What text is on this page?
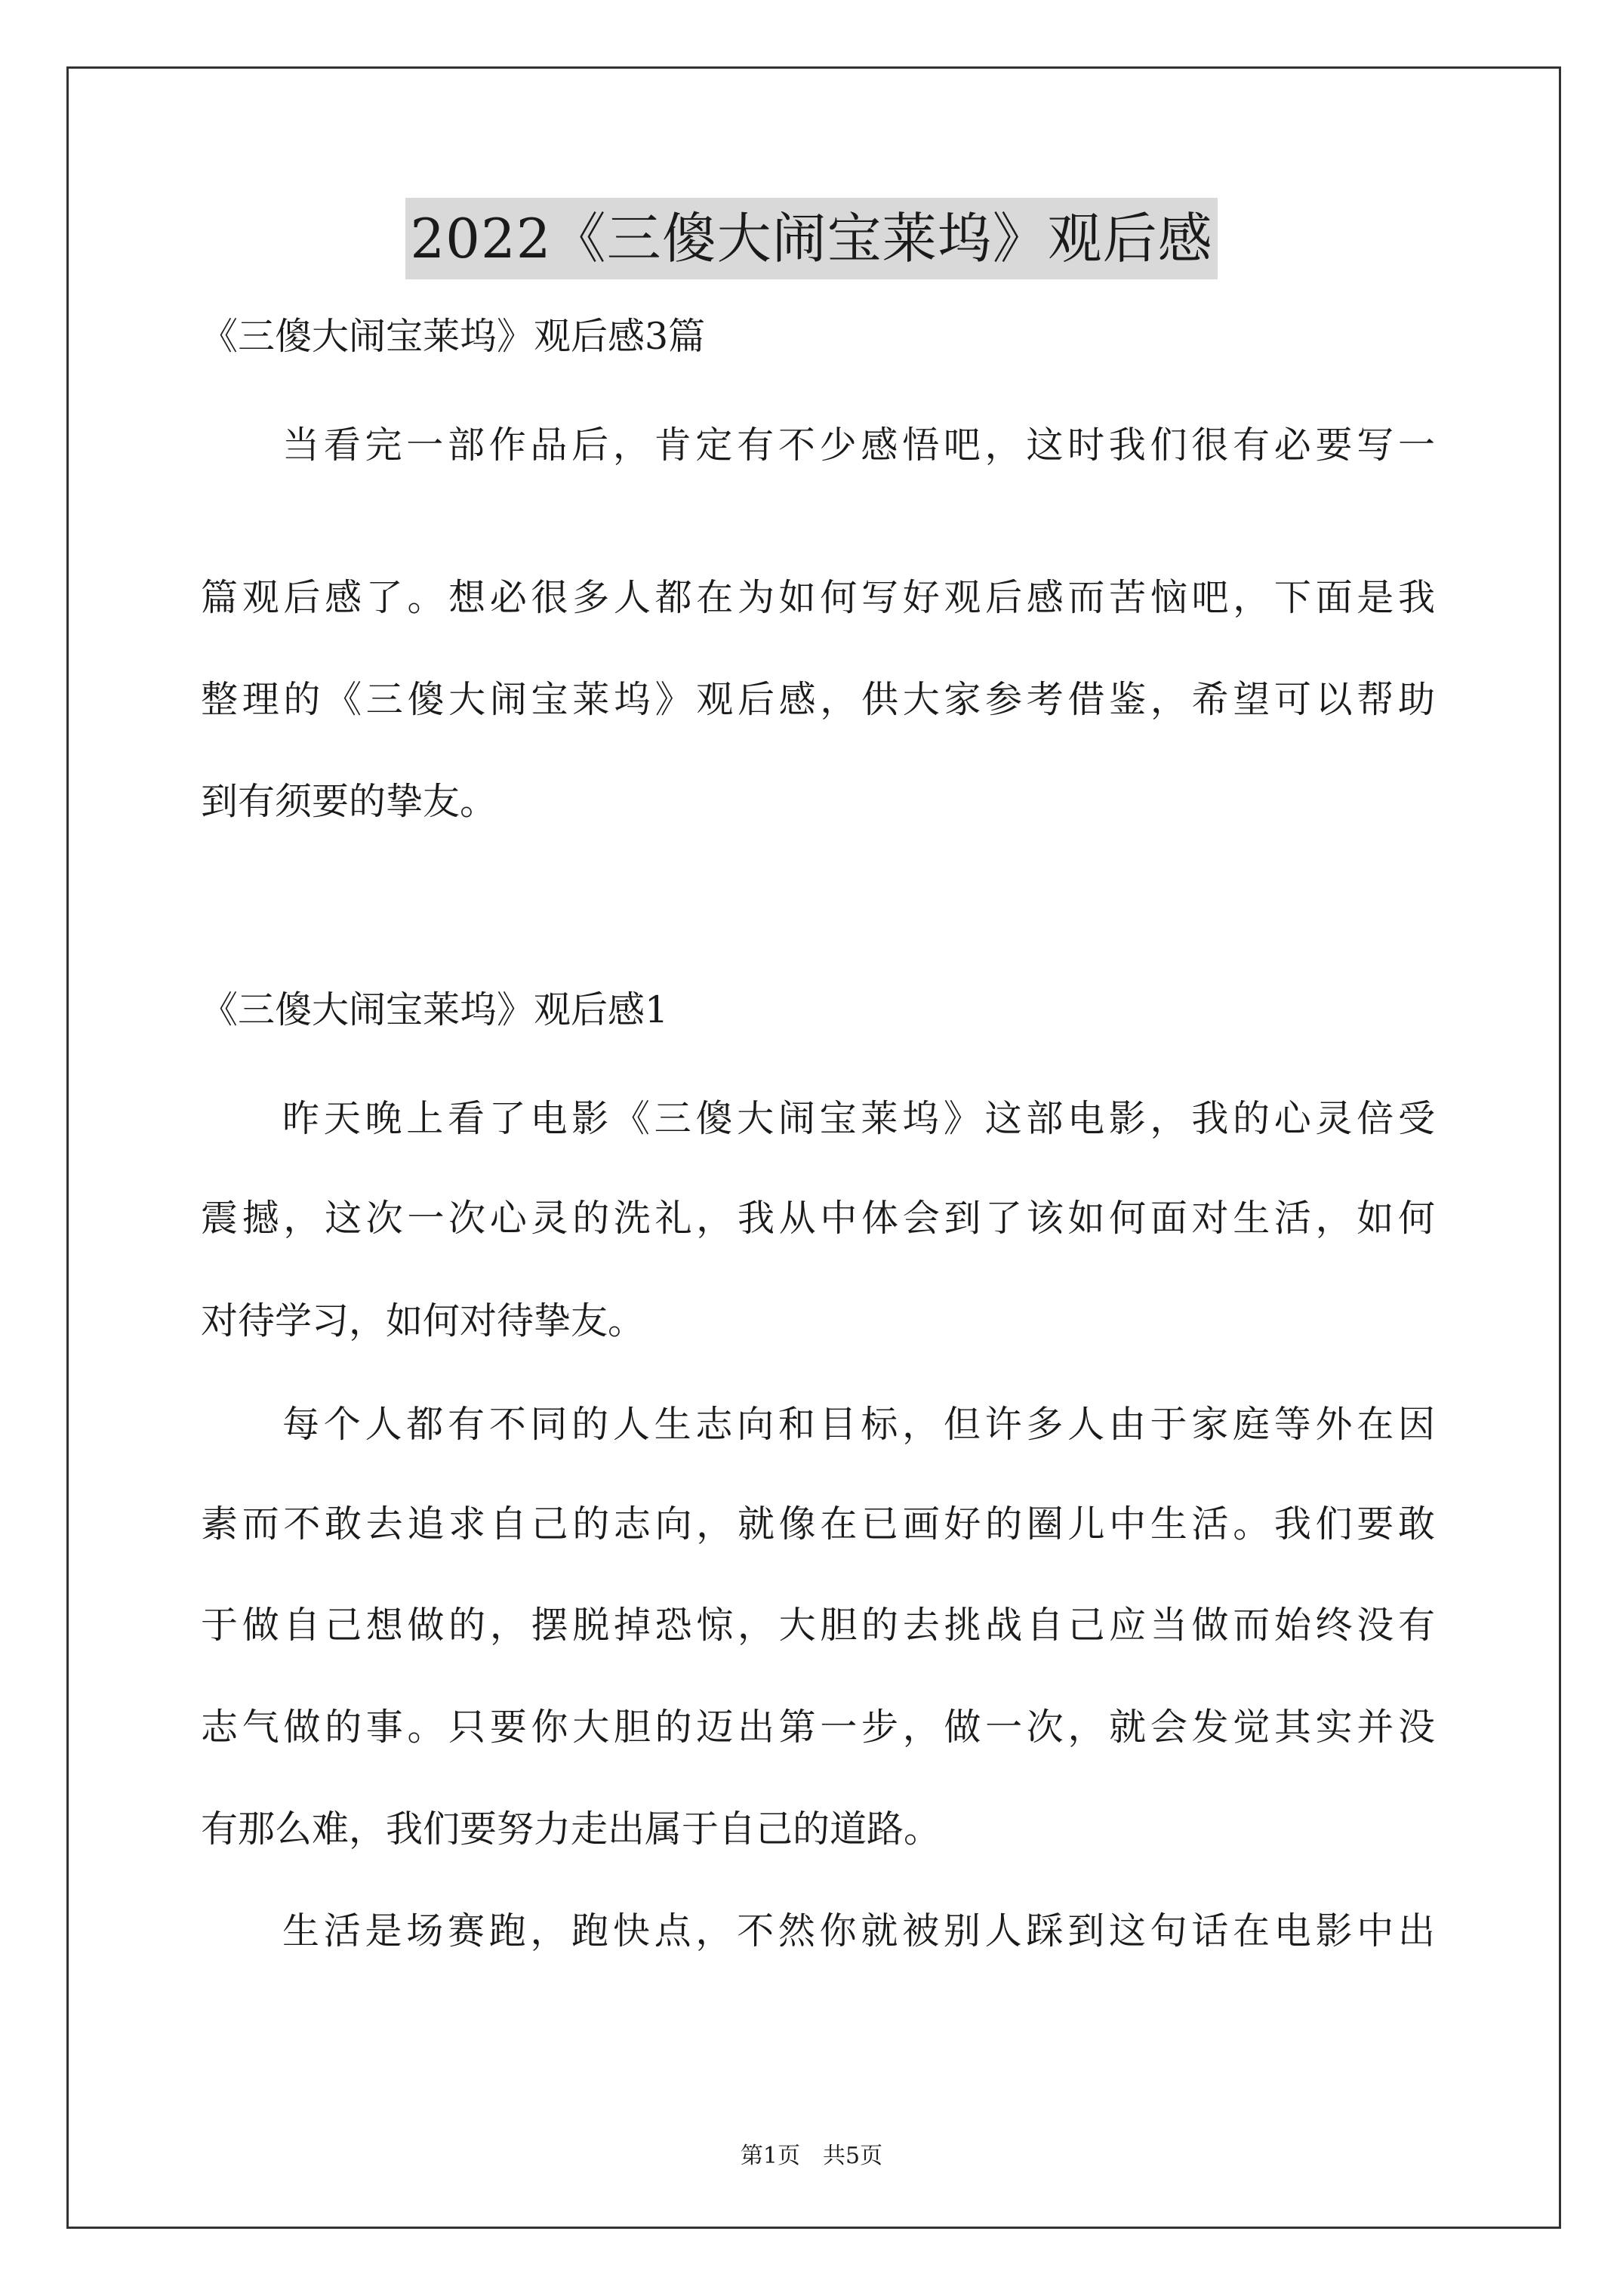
2022《三傻大闹宝莱坞》观后感
《三傻大闹宝莱坞》观后感3篇
当看完一部作品后，肯定有不少感悟吧，这时我们很有必要写一
篇观后感了。想必很多人都在为如何写好观后感而苦恼吧，下面是我
整理的《三傻大闹宝莱坞》观后感，供大家参考借鉴，希望可以帮助
到有须要的挚友。
《三傻大闹宝莱坞》观后感1
昨天晚上看了电影《三傻大闹宝莱坞》这部电影，我的心灵倍受
震撼，这次一次心灵的洗礼，我从中体会到了该如何面对生活，如何
对待学习，如何对待挚友。
每个人都有不同的人生志向和目标，但许多人由于家庭等外在因
素而不敢去追求自己的志向，就像在已画好的圈儿中生活。我们要敢
于做自己想做的，摆脱掉恐惊，大胆的去挑战自己应当做而始终没有
志气做的事。只要你大胆的迈出第一步，做一次，就会发觉其实并没
有那么难，我们要努力走出属于自己的道路。
生活是场赛跑，跑快点，不然你就被别人踩到这句话在电影中出
第1页　共5页
